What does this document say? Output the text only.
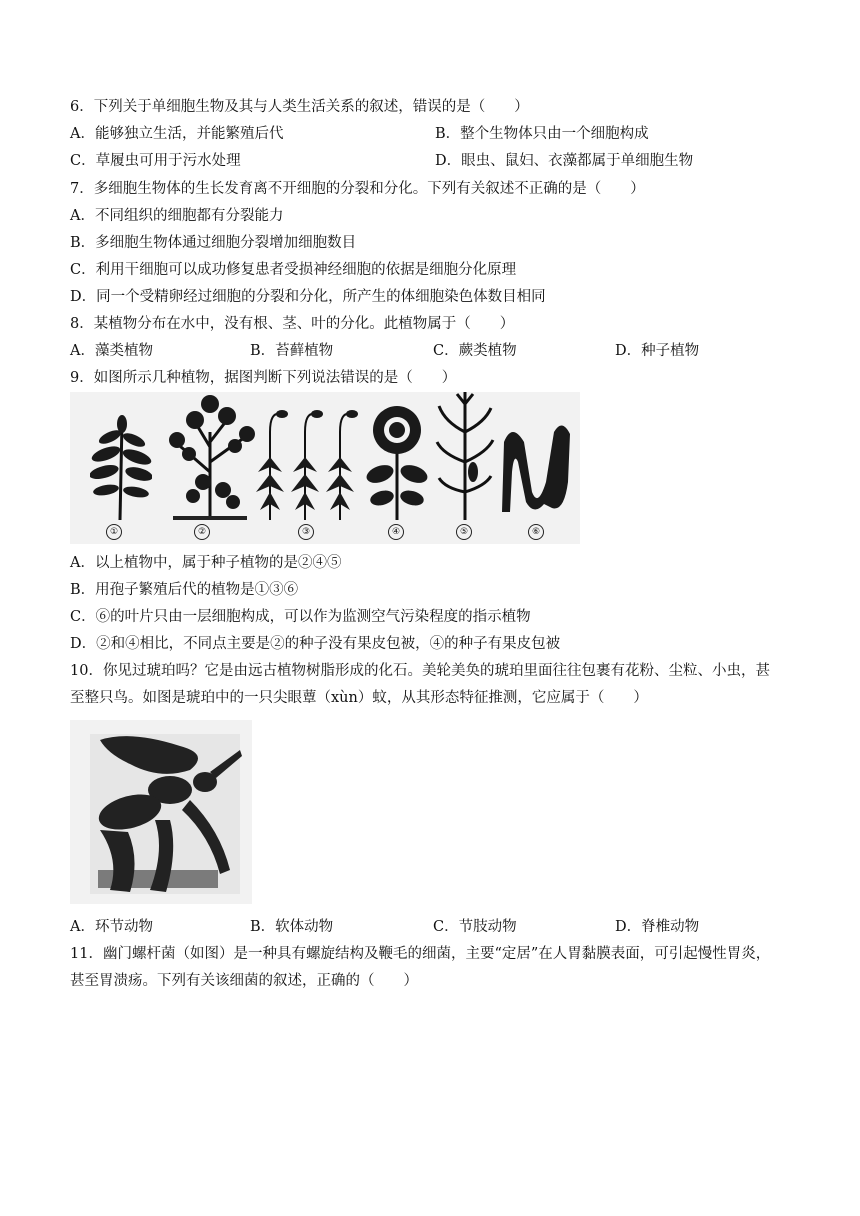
6．下列关于单细胞生物及其与人类生活关系的叙述，错误的是（　　）
A．能够独立生活，并能繁殖后代	B．整个生物体只由一个细胞构成
C．草履虫可用于污水处理	D．眼虫、鼠妇、衣藻都属于单细胞生物
7．多细胞生物体的生长发育离不开细胞的分裂和分化。下列有关叙述不正确的是（　　）
A．不同组织的细胞都有分裂能力
B．多细胞生物体通过细胞分裂增加细胞数目
C．利用干细胞可以成功修复患者受损神经细胞的依据是细胞分化原理
D．同一个受精卵经过细胞的分裂和分化，所产生的体细胞染色体数目相同
8．某植物分布在水中，没有根、茎、叶的分化。此植物属于（　　）
A．藻类植物	B．苔藓植物	C．蕨类植物	D．种子植物
9．如图所示几种植物，据图判断下列说法错误的是（　　）
①	②	③	④	⑤	⑥
A．以上植物中，属于种子植物的是②④⑤
B．用孢子繁殖后代的植物是①③⑥
C．⑥的叶片只由一层细胞构成，可以作为监测空气污染程度的指示植物
D．②和④相比，不同点主要是②的种子没有果皮包被，④的种子有果皮包被
10．你见过琥珀吗？它是由远古植物树脂形成的化石。美轮美奂的琥珀里面往往包裹有花粉、尘粒、小虫，甚
至整只鸟。如图是琥珀中的一只尖眼蕈（xùn）蚊，从其形态特征推测，它应属于（　　）
A．环节动物	B．软体动物	C．节肢动物	D．脊椎动物
11．幽门螺杆菌（如图）是一种具有螺旋结构及鞭毛的细菌，主要“定居”在人胃黏膜表面，可引起慢性胃炎，
甚至胃溃疡。下列有关该细菌的叙述，正确的（　　）
